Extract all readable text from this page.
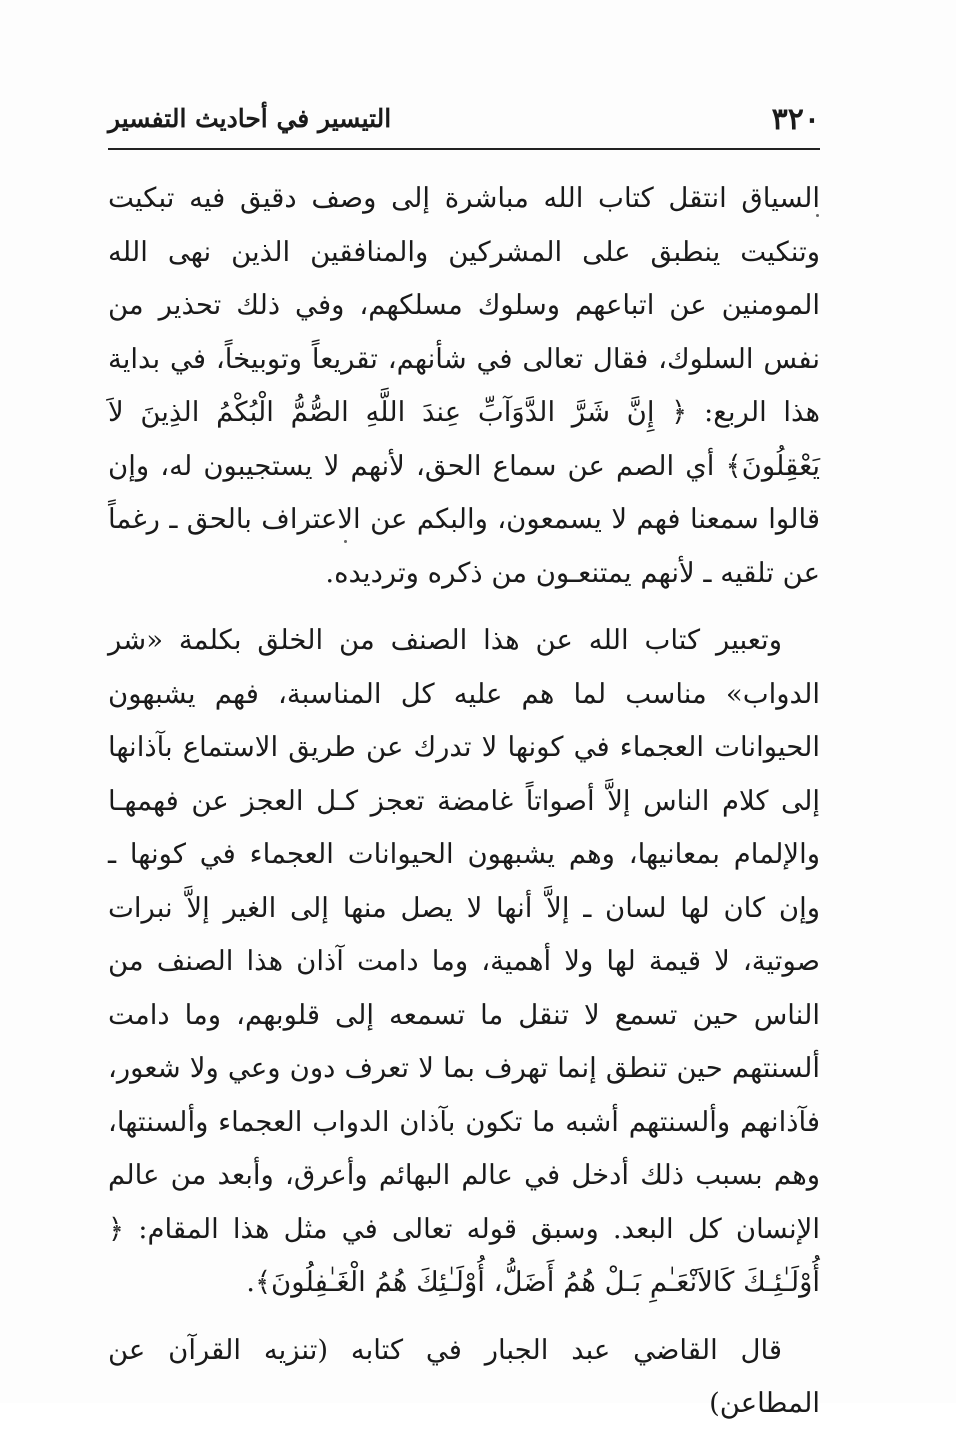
٣٢٠
التيسير في أحاديث التفسير

السياق انتقل كتاب الله مباشرة إلى وصف دقيق فيه تبكيت وتنكيت ينطبق على المشركين والمنافقين الذين نهى الله المومنين عن اتباعهم وسلوك مسلكهم، وفي ذلك تحذير من نفس السلوك، فقال تعالى في شأنهم، تقريعاً وتوبيخاً، في بداية هذا الربع: ﴿ إِنَّ شَرَّ الدَّوَآبِّ عِندَ اللَّهِ الصُّمُّ الْبُكْمُ الذِينَ لاَ يَعْقِلُونَ﴾ أي الصم عن سماع الحق، لأنهم لا يستجيبون له، وإن قالوا سمعنا فهم لا يسمعون، والبكم عن الاعتراف بالحق ـ رغماً عن تلقيه ـ لأنهم يمتنعـون من ذكره وترديده.

وتعبير كتاب الله عن هذا الصنف من الخلق بكلمة «شر الدواب» مناسب لما هم عليه كل المناسبة، فهم يشبهون الحيوانات العجماء في كونها لا تدرك عن طريق الاستماع بآذانها إلى كلام الناس إلاَّ أصواتاً غامضة تعجز كـل العجز عن فهمهـا والإلمام بمعانيها، وهم يشبهون الحيوانات العجماء في كونها ـ وإن كان لها لسان ـ إلاَّ أنها لا يصل منها إلى الغير إلاَّ نبرات صوتية، لا قيمة لها ولا أهمية، وما دامت آذان هذا الصنف من الناس حين تسمع لا تنقل ما تسمعه إلى قلوبهم، وما دامت ألسنتهم حين تنطق إنما تهرف بما لا تعرف دون وعي ولا شعور، فآذانهم وألسنتهم أشبه ما تكون بآذان الدواب العجماء وألسنتها، وهم بسبب ذلك أدخل في عالم البهائم وأعرق، وأبعد من عالم الإنسان كل البعد. وسبق قوله تعالى في مثل هذا المقام: ﴿ أُوْلَـٰئِـكَ كَالاَنْعَـٰمِ بَـلْ هُمُ أَضَلُّ، أُوْلَـٰئِكَ هُمُ الْغَـٰفِلُونَ﴾.

قال القاضي عبد الجبار في كتابه (تنزيه القرآن عن المطاعن)
